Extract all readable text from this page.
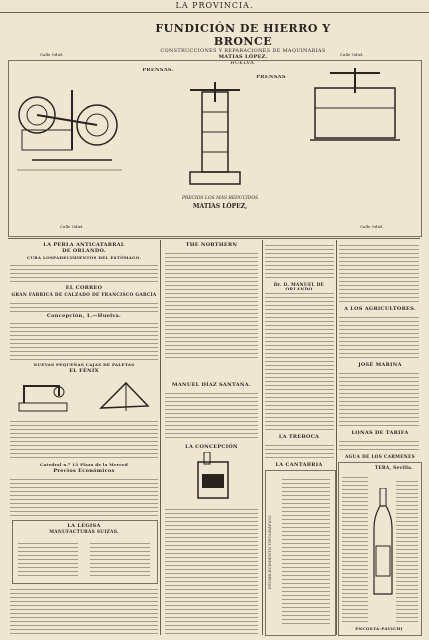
LA PROVINCIA.
FUNDICIÓN DE HIERRO Y BRONCE
CONSTRUCCIONES Y REPARACIONES DE MAQUINARIAS
MATIAS LÓPEZ.
HUELVA.
Calle Odiel.	Calle Odiel.
PRENSAS.
PRENSAS
PRECIOS LOS MÁS REDUCIDOS
MATIAS LÓPEZ,
Calle Odiel.	Calle Odiel.
LA PERLA ANTICATARRAL
DE ORLANDO.
CURA LOSPADECIMIENTOS DEL ESTÓMAGO.
EL CORREO
GRAN FÁBRICA DE CALZADO DE FRANCISCO GARCÍA
Concepción, 1.—Huelva.
NUEVAS PEQUEÑAS CAJAS DE PALETAS
EL FÉNIX
Catedral n.º 13 Plaza de la Merced
Precios Económicos
LA LEGISA
MANUFACTURAS SUIZAS.
THE NORTHERN
MANUEL DÍAZ SANTANA.
LA CONCEPCIÓN
Dr. D. MANUEL DE
LA TREBOCA
LA CANTABRIA
ESTABLECIMIENTO TIPOGRÁFICO
A LOS AGRICULTORES.
JOSÉ MARINA
LONAS DE TARIFA
AGUA DE LOS CARMENES
TERA, Sevilla.
ENCOSTA-PAVICHI
